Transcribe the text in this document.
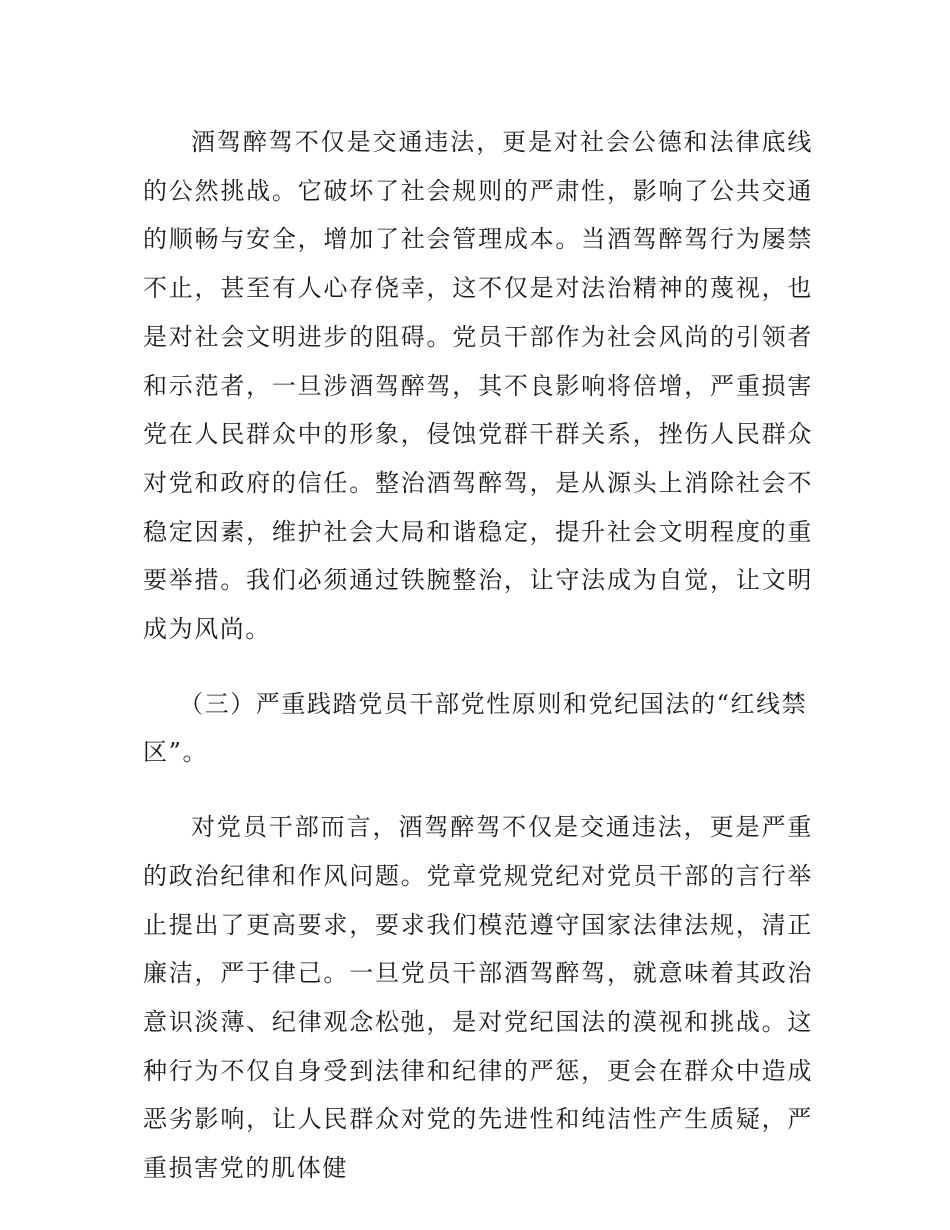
酒驾醉驾不仅是交通违法，更是对社会公德和法律底线的公然挑战。它破坏了社会规则的严肃性，影响了公共交通的顺畅与安全，增加了社会管理成本。当酒驾醉驾行为屡禁不止，甚至有人心存侥幸，这不仅是对法治精神的蔑视，也是对社会文明进步的阻碍。党员干部作为社会风尚的引领者和示范者，一旦涉酒驾醉驾，其不良影响将倍增，严重损害党在人民群众中的形象，侵蚀党群干群关系，挫伤人民群众对党和政府的信任。整治酒驾醉驾，是从源头上消除社会不稳定因素，维护社会大局和谐稳定，提升社会文明程度的重要举措。我们必须通过铁腕整治，让守法成为自觉，让文明成为风尚。

（三）严重践踏党员干部党性原则和党纪国法的“红线禁区”。

对党员干部而言，酒驾醉驾不仅是交通违法，更是严重的政治纪律和作风问题。党章党规党纪对党员干部的言行举止提出了更高要求，要求我们模范遵守国家法律法规，清正廉洁，严于律己。一旦党员干部酒驾醉驾，就意味着其政治意识淡薄、纪律观念松弛，是对党纪国法的漠视和挑战。这种行为不仅自身受到法律和纪律的严惩，更会在群众中造成恶劣影响，让人民群众对党的先进性和纯洁性产生质疑，严重损害党的肌体健
